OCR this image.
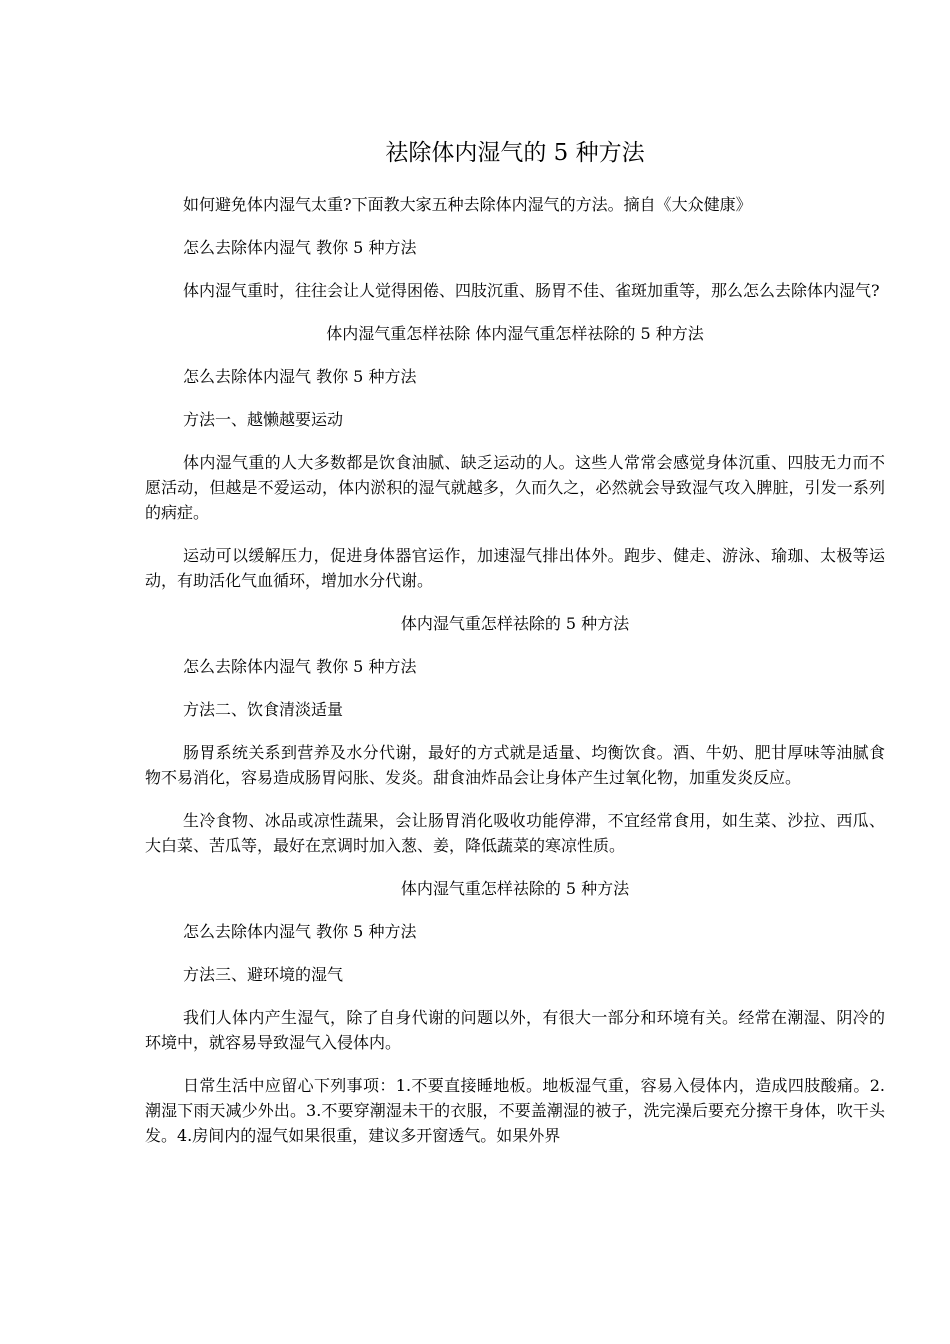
祛除体内湿气的 5 种方法

如何避免体内湿气太重?下面教大家五种去除体内湿气的方法。摘自《大众健康》

怎么去除体内湿气 教你 5 种方法

体内湿气重时，往往会让人觉得困倦、四肢沉重、肠胃不佳、雀斑加重等，那么怎么去除体内湿气?

体内湿气重怎样祛除 体内湿气重怎样祛除的 5 种方法

怎么去除体内湿气 教你 5 种方法

方法一、越懒越要运动

体内湿气重的人大多数都是饮食油腻、缺乏运动的人。这些人常常会感觉身体沉重、四肢无力而不愿活动，但越是不爱运动，体内淤积的湿气就越多，久而久之，必然就会导致湿气攻入脾脏，引发一系列的病症。

运动可以缓解压力，促进身体器官运作，加速湿气排出体外。跑步、健走、游泳、瑜珈、太极等运动，有助活化气血循环，增加水分代谢。

体内湿气重怎样祛除的 5 种方法

怎么去除体内湿气 教你 5 种方法

方法二、饮食清淡适量

肠胃系统关系到营养及水分代谢，最好的方式就是适量、均衡饮食。酒、牛奶、肥甘厚味等油腻食物不易消化，容易造成肠胃闷胀、发炎。甜食油炸品会让身体产生过氧化物，加重发炎反应。

生冷食物、冰品或凉性蔬果，会让肠胃消化吸收功能停滞，不宜经常食用，如生菜、沙拉、西瓜、大白菜、苦瓜等，最好在烹调时加入葱、姜，降低蔬菜的寒凉性质。

体内湿气重怎样祛除的 5 种方法

怎么去除体内湿气 教你 5 种方法

方法三、避环境的湿气

我们人体内产生湿气，除了自身代谢的问题以外，有很大一部分和环境有关。经常在潮湿、阴冷的环境中，就容易导致湿气入侵体内。

日常生活中应留心下列事项：1.不要直接睡地板。地板湿气重，容易入侵体内，造成四肢酸痛。2.潮湿下雨天减少外出。3.不要穿潮湿未干的衣服，不要盖潮湿的被子，洗完澡后要充分擦干身体，吹干头发。4.房间内的湿气如果很重，建议多开窗透气。如果外界
